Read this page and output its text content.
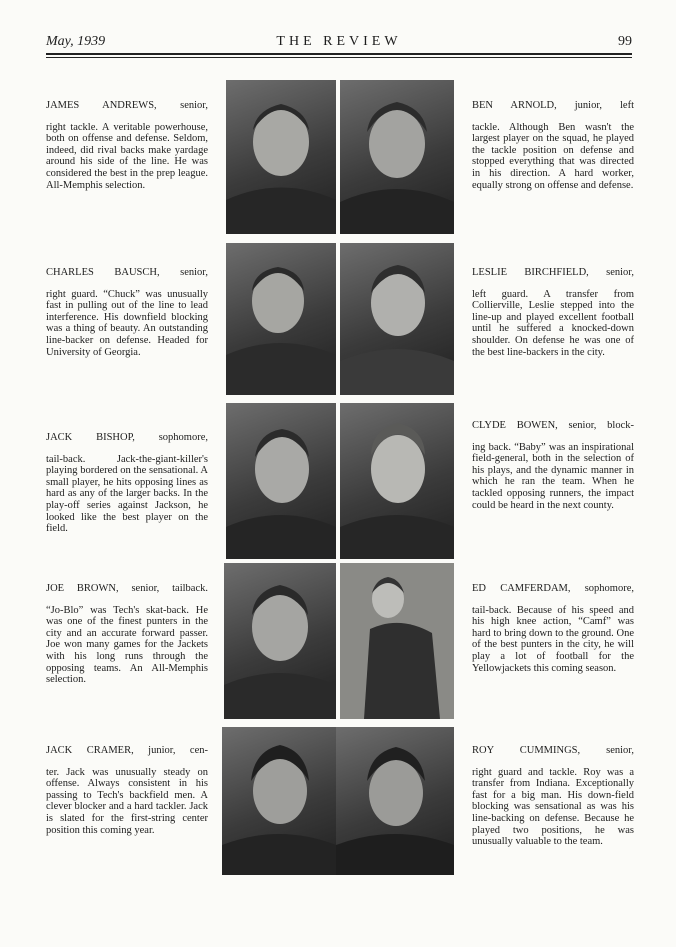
May, 1939	THE REVIEW	99
JAMES ANDREWS, senior,
right tackle. A veritable powerhouse, both on offense and defense. Seldom, indeed, did rival backs make yardage around his side of the line. He was considered the best in the prep league. All-Memphis selection.
BEN ARNOLD, junior, left
tackle. Although Ben wasn't the largest player on the squad, he played the tackle position on defense and stopped everything that was directed in his direction. A hard worker, equally strong on offense and defense.
CHARLES BAUSCH, senior,
right guard. “Chuck” was unusually fast in pulling out of the line to lead interference. His downfield blocking was a thing of beauty. An outstanding line-backer on defense. Headed for University of Georgia.
LESLIE BIRCHFIELD, senior,
left guard. A transfer from Collierville, Leslie stepped into the line-up and played excellent football until he suffered a knocked-down shoulder. On defense he was one of the best line-backers in the city.
JACK BISHOP, sophomore,
tail-back. Jack-the-giant-killer's playing bordered on the sensational. A small player, he hits opposing lines as hard as any of the larger backs. In the play-off series against Jackson, he looked like the best player on the field.
CLYDE BOWEN, senior, block-
ing back. “Baby” was an inspirational field-general, both in the selection of his plays, and the dynamic manner in which he ran the team. When he tackled opposing runners, the impact could be heard in the next county.
JOE BROWN, senior, tailback.
“Jo-Blo” was Tech's skat-back. He was one of the finest punters in the city and an accurate forward passer. Joe won many games for the Jackets with his long runs through the opposing teams. An All-Memphis selection.
ED CAMFERDAM, sophomore,
tail-back. Because of his speed and his high knee action, “Camf” was hard to bring down to the ground. One of the best punters in the city, he will play a lot of football for the Yellowjackets this coming season.
JACK CRAMER, junior, cen-
ter. Jack was unusually steady on offense. Always consistent in his passing to Tech's backfield men. A clever blocker and a hard tackler. Jack is slated for the first-string center position this coming year.
ROY CUMMINGS, senior,
right guard and tackle. Roy was a transfer from Indiana. Exceptionally fast for a big man. His down-field blocking was sensational as was his line-backing on defense. Because he played two positions, he was unusually valuable to the team.
